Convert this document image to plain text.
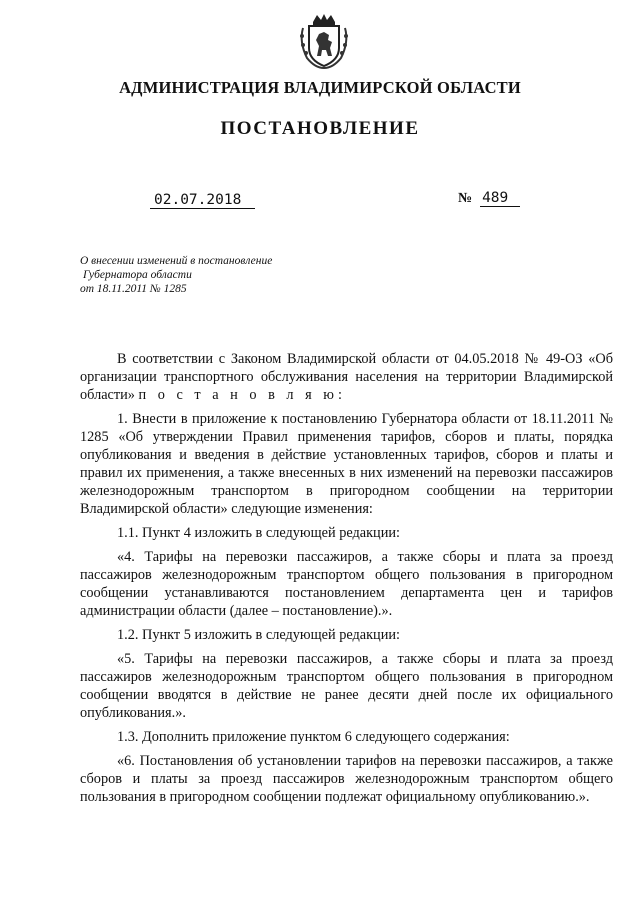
АДМИНИСТРАЦИЯ ВЛАДИМИРСКОЙ ОБЛАСТИ
ПОСТАНОВЛЕНИЕ
02.07.2018	№ 489
О внесении изменений в постановление
Губернатора области
от 18.11.2011 № 1285

В соответствии с Законом Владимирской области от 04.05.2018 № 49-ОЗ «Об организации транспортного обслуживания населения на территории Владимирской области» п о с т а н о в л я ю:

1. Внести в приложение к постановлению Губернатора области от 18.11.2011 № 1285 «Об утверждении Правил применения тарифов, сборов и платы, порядка опубликования и введения в действие установленных тарифов, сборов и платы и правил их применения, а также внесенных в них изменений на перевозки пассажиров железнодорожным транспортом в пригородном сообщении на территории Владимирской области» следующие изменения:

1.1. Пункт 4 изложить в следующей редакции:

«4. Тарифы на перевозки пассажиров, а также сборы и плата за проезд пассажиров железнодорожным транспортом общего пользования в пригородном сообщении устанавливаются постановлением департамента цен и тарифов администрации области (далее – постановление).».

1.2. Пункт 5 изложить в следующей редакции:

«5. Тарифы на перевозки пассажиров, а также сборы и плата за проезд пассажиров железнодорожным транспортом общего пользования в пригородном сообщении вводятся в действие не ранее десяти дней после их официального опубликования.».

1.3. Дополнить приложение пунктом 6 следующего содержания:

«6. Постановления об установлении тарифов на перевозки пассажиров, а также сборов и платы за проезд пассажиров железнодорожным транспортом общего пользования в пригородном сообщении подлежат официальному опубликованию.».
